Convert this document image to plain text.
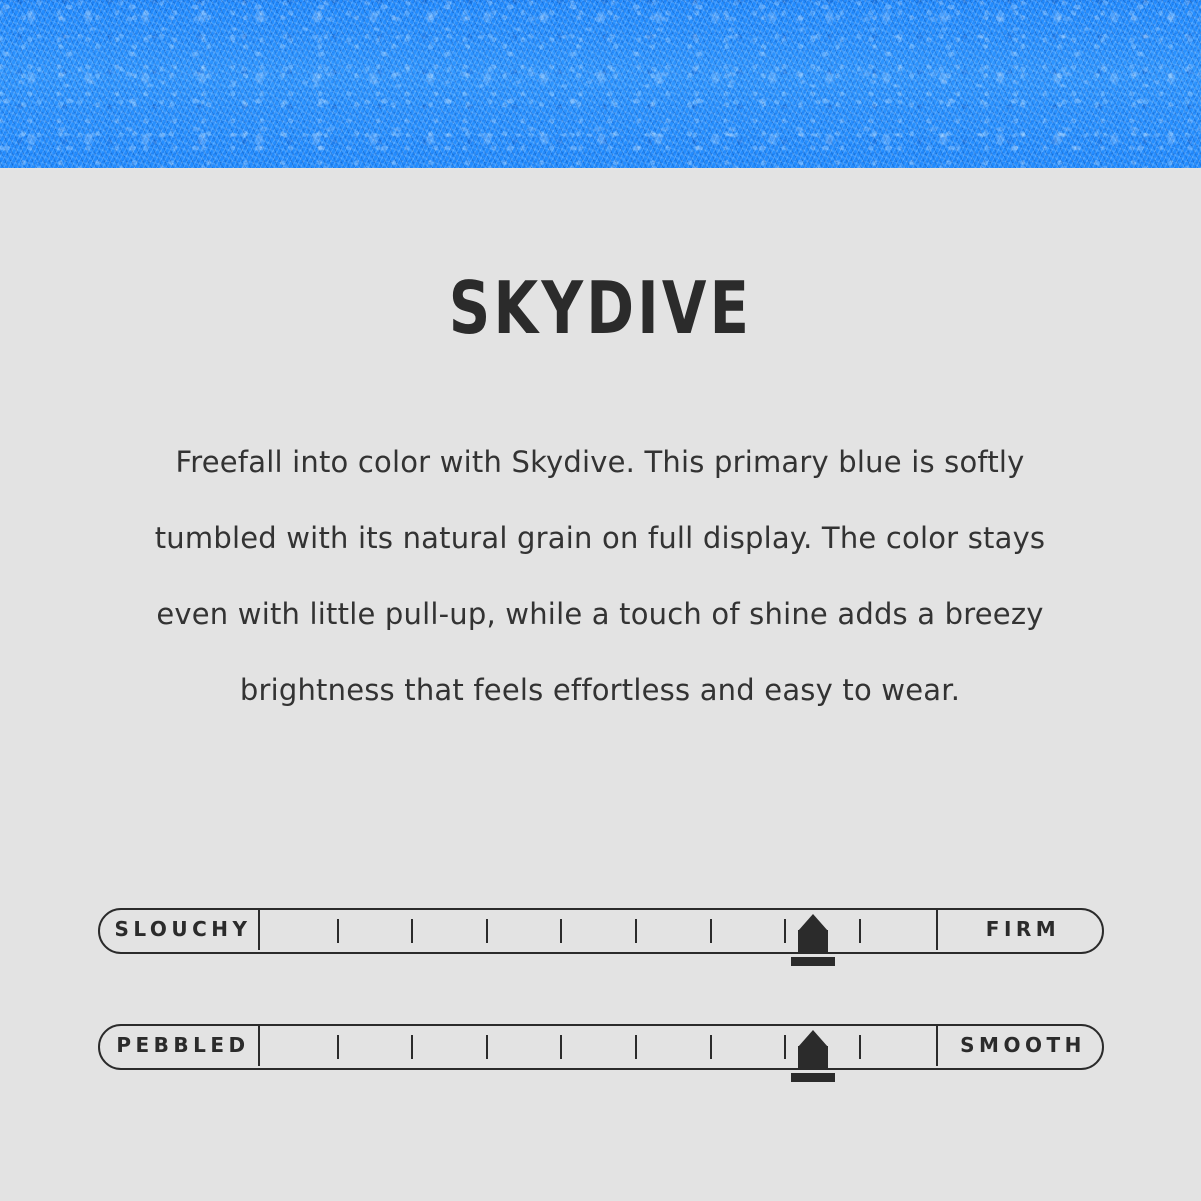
SKYDIVE
Freefall into color with Skydive. This primary blue is softly tumbled with its natural grain on full display. The color stays even with little pull-up, while a touch of shine adds a breezy brightness that feels effortless and easy to wear.
SLOUCHY	FIRM
PEBBLED	SMOOTH
